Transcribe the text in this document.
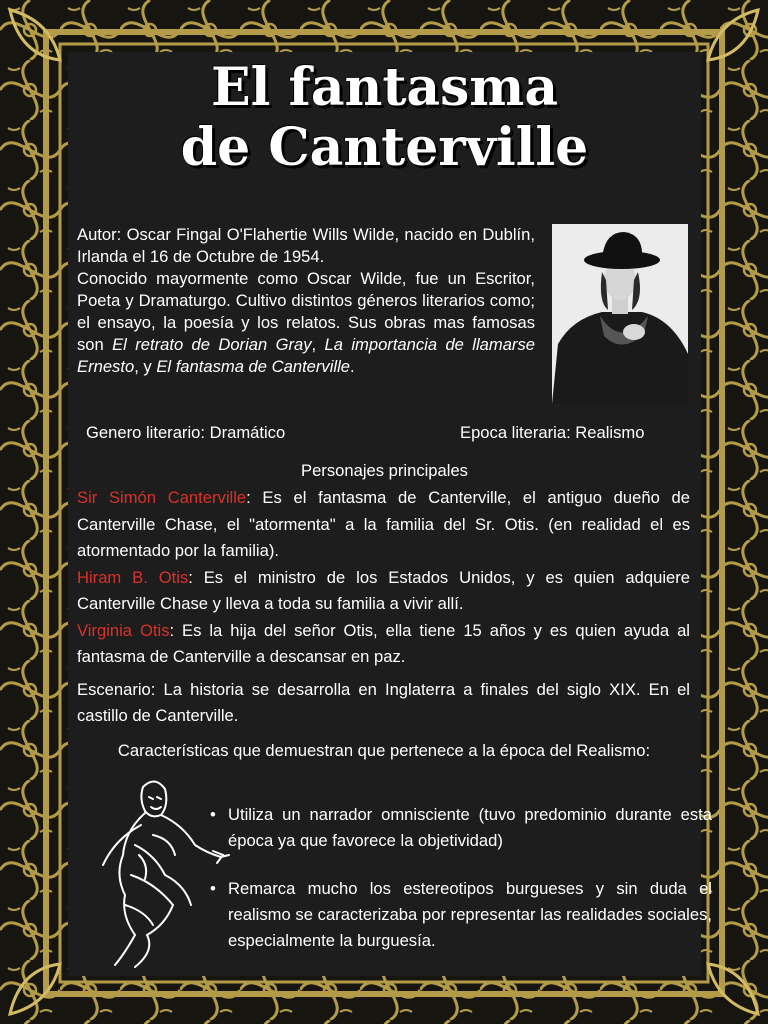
El fantasma
de Canterville

Autor: Oscar Fingal O'Flahertie Wills Wilde, nacido en Dublín, Irlanda el 16 de Octubre de 1954.

Conocido mayormente como Oscar Wilde, fue un Escritor, Poeta y Dramaturgo. Cultivo distintos géneros literarios como; el ensayo, la poesía y los relatos. Sus obras mas famosas son El retrato de Dorian Gray, La importancia de llamarse Ernesto, y El fantasma de Canterville.

Genero literario: Dramático	Epoca literaria: Realismo
Personajes principales

Sir Simón Canterville: Es el fantasma de Canterville, el antiguo dueño de Canterville Chase, el "atormenta" a la familia del Sr. Otis. (en realidad el es atormentado por la familia).

Hiram B. Otis: Es el ministro de los Estados Unidos, y es quien adquiere Canterville Chase y lleva a toda su familia a vivir allí.

Virginia Otis: Es la hija del señor Otis, ella tiene 15 años y es quien ayuda al fantasma de Canterville a descansar en paz.

Escenario: La historia se desarrolla en Inglaterra a finales del siglo XIX. En el castillo de Canterville.

Características que demuestran que pertenece a la época del Realismo:
• Utiliza un narrador omnisciente (tuvo predominio durante esta época ya que favorece la objetividad)
• Remarca mucho los estereotipos burgueses y sin duda el realismo se caracterizaba por representar las realidades sociales, especialmente la burguesía.
